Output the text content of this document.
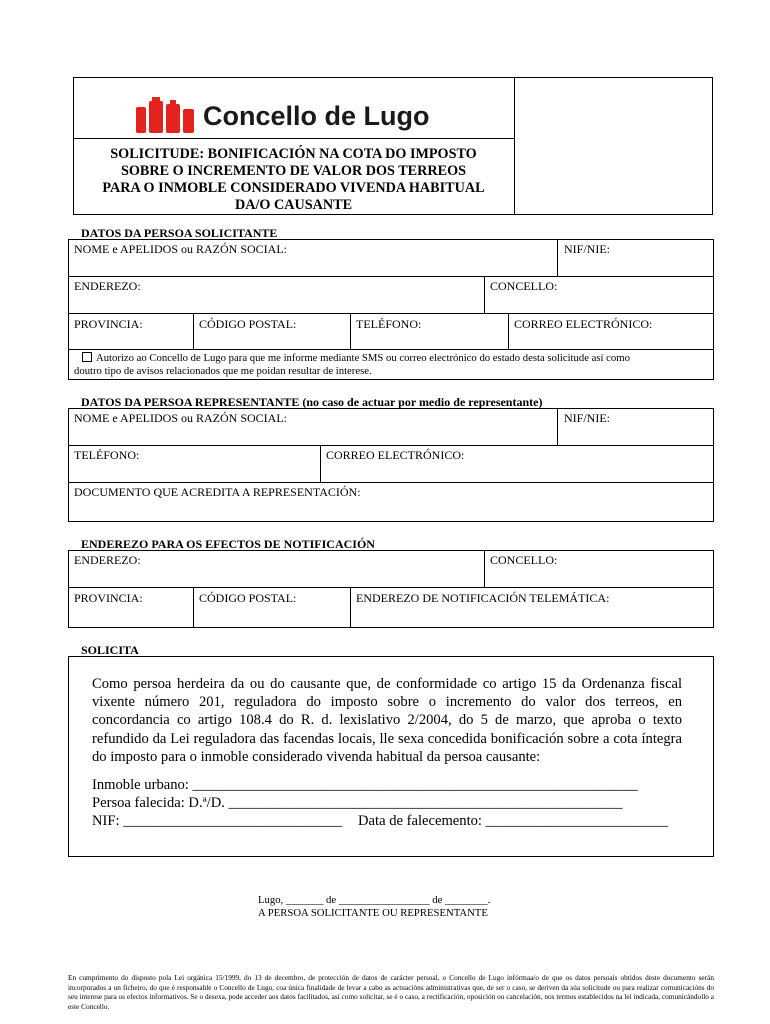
Concello de Lugo
SOLICITUDE: BONIFICACIÓN NA COTA DO IMPOSTO
SOBRE O INCREMENTO DE VALOR DOS TERREOS
PARA O INMOBLE CONSIDERADO VIVENDA HABITUAL
DA/O CAUSANTE
DATOS DA PERSOA SOLICITANTE
NOME e APELIDOS ou RAZÓN SOCIAL:	NIF/NIE:
ENDEREZO:	CONCELLO:
PROVINCIA:	CÓDIGO POSTAL:	TELÉFONO:	CORREO ELECTRÓNICO:
Autorizo ao Concello de Lugo para que me informe mediante SMS ou correo electrónico do estado desta solicitude así como
doutro tipo de avisos relacionados que me poidan resultar de interese.
DATOS DA PERSOA REPRESENTANTE (no caso de actuar por medio de representante)
NOME e APELIDOS ou RAZÓN SOCIAL:	NIF/NIE:
TELÉFONO:	CORREO ELECTRÓNICO:
DOCUMENTO QUE ACREDITA A REPRESENTACIÓN:
ENDEREZO PARA OS EFECTOS DE NOTIFICACIÓN
ENDEREZO:	CONCELLO:
PROVINCIA:	CÓDIGO POSTAL:	ENDEREZO DE NOTIFICACIÓN TELEMÁTICA:
SOLICITA
Como persoa herdeira da ou do causante que, de conformidade co artigo 15 da Ordenanza fiscal vixente número 201, reguladora do imposto sobre o incremento do valor dos terreos, en concordancia co artigo 108.4 do R. d. lexislativo 2/2004, do 5 de marzo, que aproba o texto refundido da Lei reguladora das facendas locais, lle sexa concedida bonificación sobre a cota íntegra do imposto para o inmoble considerado vivenda habitual da persoa causante:
Inmoble urbano: _____________________________________________________________
Persoa falecida: D.ª/D. ______________________________________________________
NIF: ______________________________ Data de falecemento: _________________________
Lugo, _______ de _________________ de ________.
A PERSOA SOLICITANTE OU REPRESENTANTE
En cumprimento do disposto pola Lei orgánica 15/1999, do 13 de decembro, de protección de datos de carácter persoal, o Concello de Lugo infórmaa/o de que os datos persoais obtidos deste documento serán incorporados a un ficheiro, do que é responsable o Concello de Lugo, coa única finalidade de levar a cabo as actuacións administrativas que, de ser o caso, se deriven da súa solicitude ou para realizar comunicacións do seu interese para os efectos informativos. Se o desexa, pode acceder aos datos facilitados, así como solicitar, se é o caso, a rectificación, oposición ou cancelación, nos termos establecidos na lei indicada, comunicándollo a este Concello.
